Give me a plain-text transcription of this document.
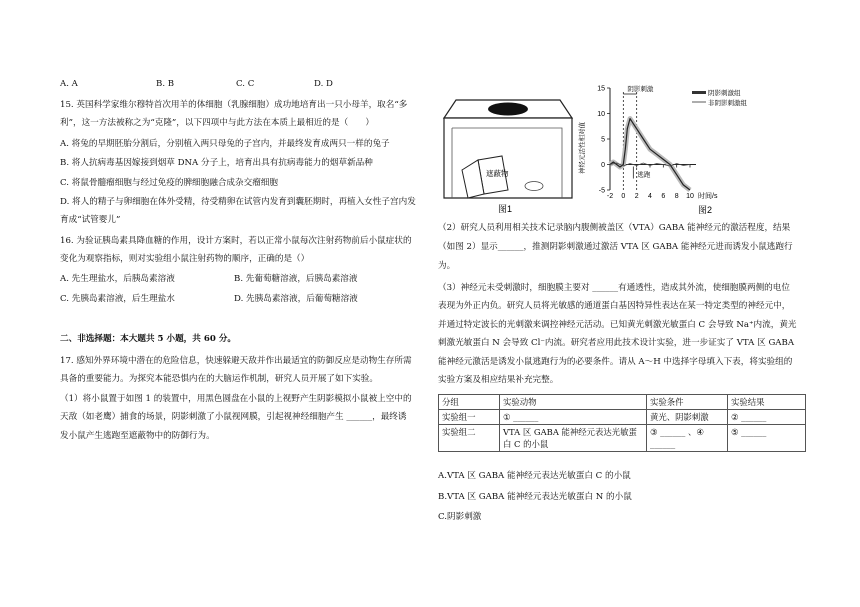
A. A	B. B	C. C	D. D
15. 英国科学家维尔穆特首次用羊的体细胞（乳腺细胞）成功地培育出一只小母羊，取名“多
利”，这一方法被称之为“克隆”，以下四项中与此方法在本质上最相近的是（　　）
A. 将兔的早期胚胎分割后，分别植入两只母兔的子宫内，并最终发育成两只一样的兔子
B. 将人抗病毒基因嫁接到烟草 DNA 分子上，培育出具有抗病毒能力的烟草新品种
C. 将鼠骨髓瘤细胞与经过免疫的脾细胞融合成杂交瘤细胞
D. 将人的精子与卵细胞在体外受精，待受精卵在试管内发育到囊胚期时，再植入女性子宫内发
育成“试管婴儿”
16. 为验证胰岛素具降血糖的作用，设计方案时，若以正常小鼠每次注射药物前后小鼠症状的
变化为观察指标，则对实验组小鼠注射药物的顺序，正确的是（）
A. 先生理盐水，后胰岛素溶液	B. 先葡萄糖溶液，后胰岛素溶液
C. 先胰岛素溶液，后生理盐水	D. 先胰岛素溶液，后葡萄糖溶液
二、非选择题：本大题共 5 小题，共 60 分。
17. 感知外界环境中潜在的危险信息，快速躲避天敌并作出最适宜的防御反应是动物生存所需
具备的重要能力。为探究本能恐惧内在的大脑运作机制，研究人员开展了如下实验。
（1）将小鼠置于如图 1 的装置中，用黑色圆盘在小鼠的上视野产生阴影模拟小鼠被上空中的
天敌（如老鹰）捕食的场景，阴影刺激了小鼠视网膜，引起视神经细胞产生 ______，最终诱
发小鼠产生逃跑至遮蔽物中的防御行为。
遮蔽物
图1
神经元活性相对值
15
10
5
0
-5
-2 0 2 4 6 8 10
阴影刺激
逃跑
阴影刺激组
非阴影刺激组
时间/s
图2
（2）研究人员利用相关技术记录脑内腹侧被盖区（VTA）GABA 能神经元的激活程度，结果
（如图 2）显示______，推测阴影刺激通过激活 VTA 区 GABA 能神经元进而诱发小鼠逃跑行
为。
（3）神经元未受刺激时，细胞膜主要对 ______有通透性，造成其外流，使细胞膜两侧的电位
表现为外正内负。研究人员将光敏感的通道蛋白基因特异性表达在某一特定类型的神经元中，
并通过特定波长的光刺激来调控神经元活动。已知黄光刺激光敏蛋白 C 会导致 Na⁺内流，黄光
刺激光敏蛋白 N 会导致 Cl⁻内流。研究者应用此技术设计实验，进一步证实了 VTA 区 GABA
能神经元激活是诱发小鼠逃跑行为的必要条件。请从 A～H 中选择字母填入下表，将实验组的
实验方案及相应结果补充完整。
分组	实验动物	实验条件	实验结果
实验组一	① ______	黄光、阴影刺激	② ______
实验组二	VTA 区 GABA 能神经元表达光敏蛋白 C 的小鼠	③ ______ 、④ ______	⑤ ______
A.VTA 区 GABA 能神经元表达光敏蛋白 C 的小鼠
B.VTA 区 GABA 能神经元表达光敏蛋白 N 的小鼠
C.阴影刺激
